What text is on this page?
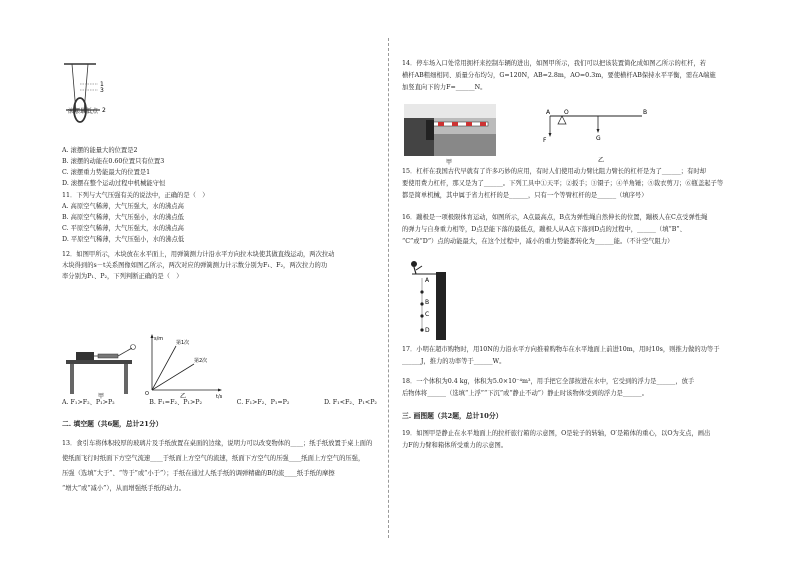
1
3
2
滚摆最低点

A. 滚摆的能量大的位置是2

B. 滚摆的动能在0.60位置只有位置3

C. 滚摆重力势能最大的位置是1

D. 滚摆在整个运动过程中机械能守恒

11．下列与大气压强有关的说法中，正确的是（　）

A. 高原空气稀薄，大气压强大，水的沸点高

B. 高原空气稀薄，大气压强小，水的沸点低

C. 平原空气稀薄，大气压强大，水的沸点高

D. 平原空气稀薄，大气压强小，水的沸点低

12．如图甲所示，木块放在水平面上，用弹簧测力计沿水平方向拉木块使其做直线运动，两次拉动

木块得到的s－t关系图像如图乙所示，两次对应的弹簧测力计示数分别为F₁、F₂，两次拉力的功

率分别为P₁、P₂，下列判断正确的是（　）

甲
s/m
t/s
O
第1次
第2次
乙
A. F₁>F₂、P₁>P₂	B. F₁=F₂、P₁>P₂	C. F₁>F₂、P₁=P₂	D. F₁<F₂、P₁<P₂
二. 填空题（共6题，总计21分）

13．食引车将体积较厚的玻璃片及手纸放置在桌面的边缘，说明力可以改变物体的____；纸手纸放置于桌上面的

使纸面飞行时纸面下方空气流速____于纸面上方空气的流速，纸面下方空气的压强____纸面上方空气的压强，

压强（选填“大于”、“等于”或“小于”）；手纸在通过人纸手纸的调弹精确的B的流____纸手纸的摩擦

“增大”或“减小”），从而增强纸手纸的动力。

14．停车场入口处常用拥杆来控制车辆的进出，如图甲所示，我们可以把该装置简化成如图乙所示的杠杆，若

横杆AB粗细相同、质量分布均匀，G=120N，AB=2.8m，AO=0.3m，要使横杆AB保持水平平衡，需在A端施

加竖直向下的力F=______N。

甲
A O	B
F	G
乙

15．杠杆在我国古代早就有了许多巧妙的应用，有时人们使用动力臂比阻力臂长的杠杆是为了______；有时却

要使用费力杠杆，那又是为了______。下列工具中①天平；②扳手；③镊子；④羊角锤；⑤裁衣剪刀；⑥瓶盖起子等

都是简单机械，其中属于省力杠杆的是______，只有一个等臂杠杆的是______（填序号）

16．蹦极是一项极限体育运动，如图所示，A点最高点，B点为弹性绳自然伸长的位置，蹦极人在C点受弹性绳

的弹力与自身重力相等，D点是能下落的最低点，蹦极人从A点下落到D点的过程中，______（填“B”、

“C”或“D”）点的动能最大，在这个过程中，减小的重力势能都转化为______能。（不计空气阻力）

A
B
C
D

17．小明在超市购物时，用10N的力沿水平方向推着购物车在水平地面上前进10m，用时10s，则推力做的功等于

______J，推力的功率等于______W。

18．一个体积为0.4 kg，体积为5.0×10⁻⁴m³，用手把它全部按进在水中，它受到的浮力是______，放手

后物体将______（选填“上浮”“下沉”或“静止不动”）静止时该物体受到的浮力是______。

三. 画图题（共2题，总计10分）

19．如图甲是静止在水平地面上的拉杆旅行箱的示意图，O是轮子的转轴，O′是箱体的重心，以O为支点，画出

力F的力臂和箱体所受重力的示意图。
